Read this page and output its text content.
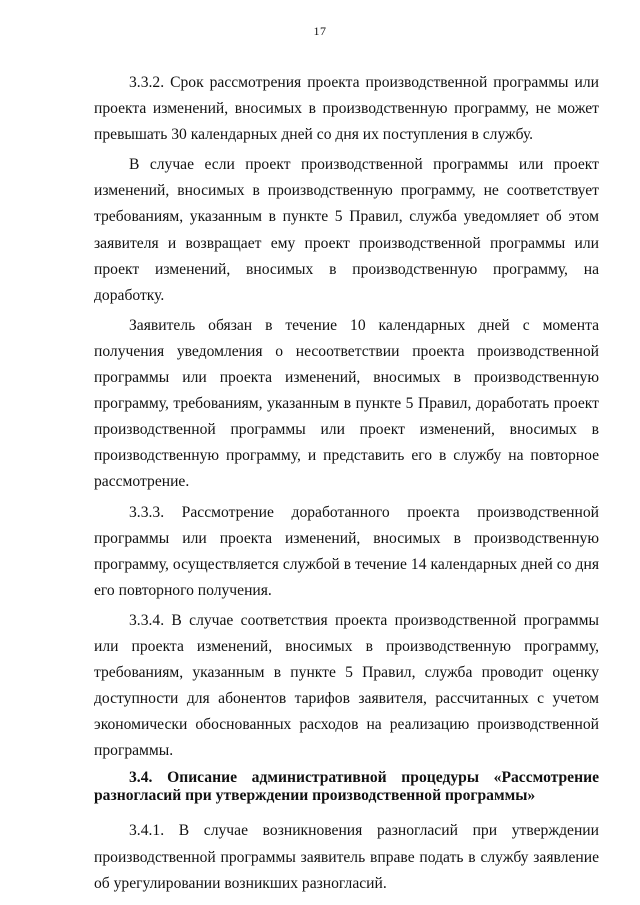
17

3.3.2. Срок рассмотрения проекта производственной программы или проекта изменений, вносимых в производственную программу, не может превышать 30 календарных дней со дня их поступления в службу.

В случае если проект производственной программы или проект изменений, вносимых в производственную программу, не соответствует требованиям, указанным в пункте 5 Правил, служба уведомляет об этом заявителя и возвращает ему проект производственной программы или проект изменений, вносимых в производственную программу, на доработку.

Заявитель обязан в течение 10 календарных дней с момента получения уведомления о несоответствии проекта производственной программы или проекта изменений, вносимых в производственную программу, требованиям, указанным в пункте 5 Правил, доработать проект производственной программы или проект изменений, вносимых в производственную программу, и представить его в службу на повторное рассмотрение.

3.3.3. Рассмотрение доработанного проекта производственной программы или проекта изменений, вносимых в производственную программу, осуществляется службой в течение 14 календарных дней со дня его повторного получения.

3.3.4. В случае соответствия проекта производственной программы или проекта изменений, вносимых в производственную программу, требованиям, указанным в пункте 5 Правил, служба проводит оценку доступности для абонентов тарифов заявителя, рассчитанных с учетом экономически обоснованных расходов на реализацию производственной программы.

3.4. Описание административной процедуры «Рассмотрение разногласий при утверждении производственной программы»

3.4.1. В случае возникновения разногласий при утверждении производственной программы заявитель вправе подать в службу заявление об урегулировании возникших разногласий.
